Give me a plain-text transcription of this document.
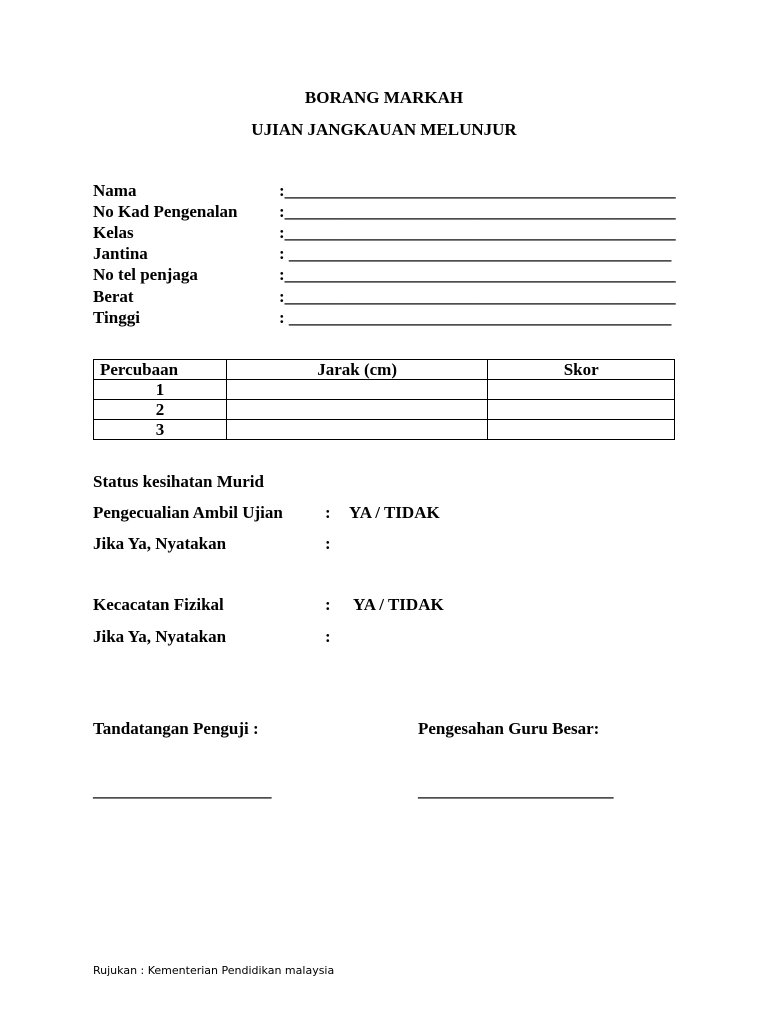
BORANG MARKAH
UJIAN JANGKAUAN MELUNJUR
Nama	:______________________________________________
No Kad Pengenalan :______________________________________________
Kelas	:______________________________________________
Jantina	: _____________________________________________
No tel penjaga	:______________________________________________
Berat	:______________________________________________
Tinggi	: _____________________________________________
Percubaan	Jarak (cm)	Skor
1		
2		
3		
Status kesihatan Murid
Pengecualian Ambil Ujian : YA / TIDAK
Jika Ya, Nyatakan	:
Kecacatan Fizikal	: YA / TIDAK
Jika Ya, Nyatakan	:
Tandatangan Penguji :
_____________________
Pengesahan Guru Besar:
_______________________
Rujukan : Kementerian Pendidikan malaysia
